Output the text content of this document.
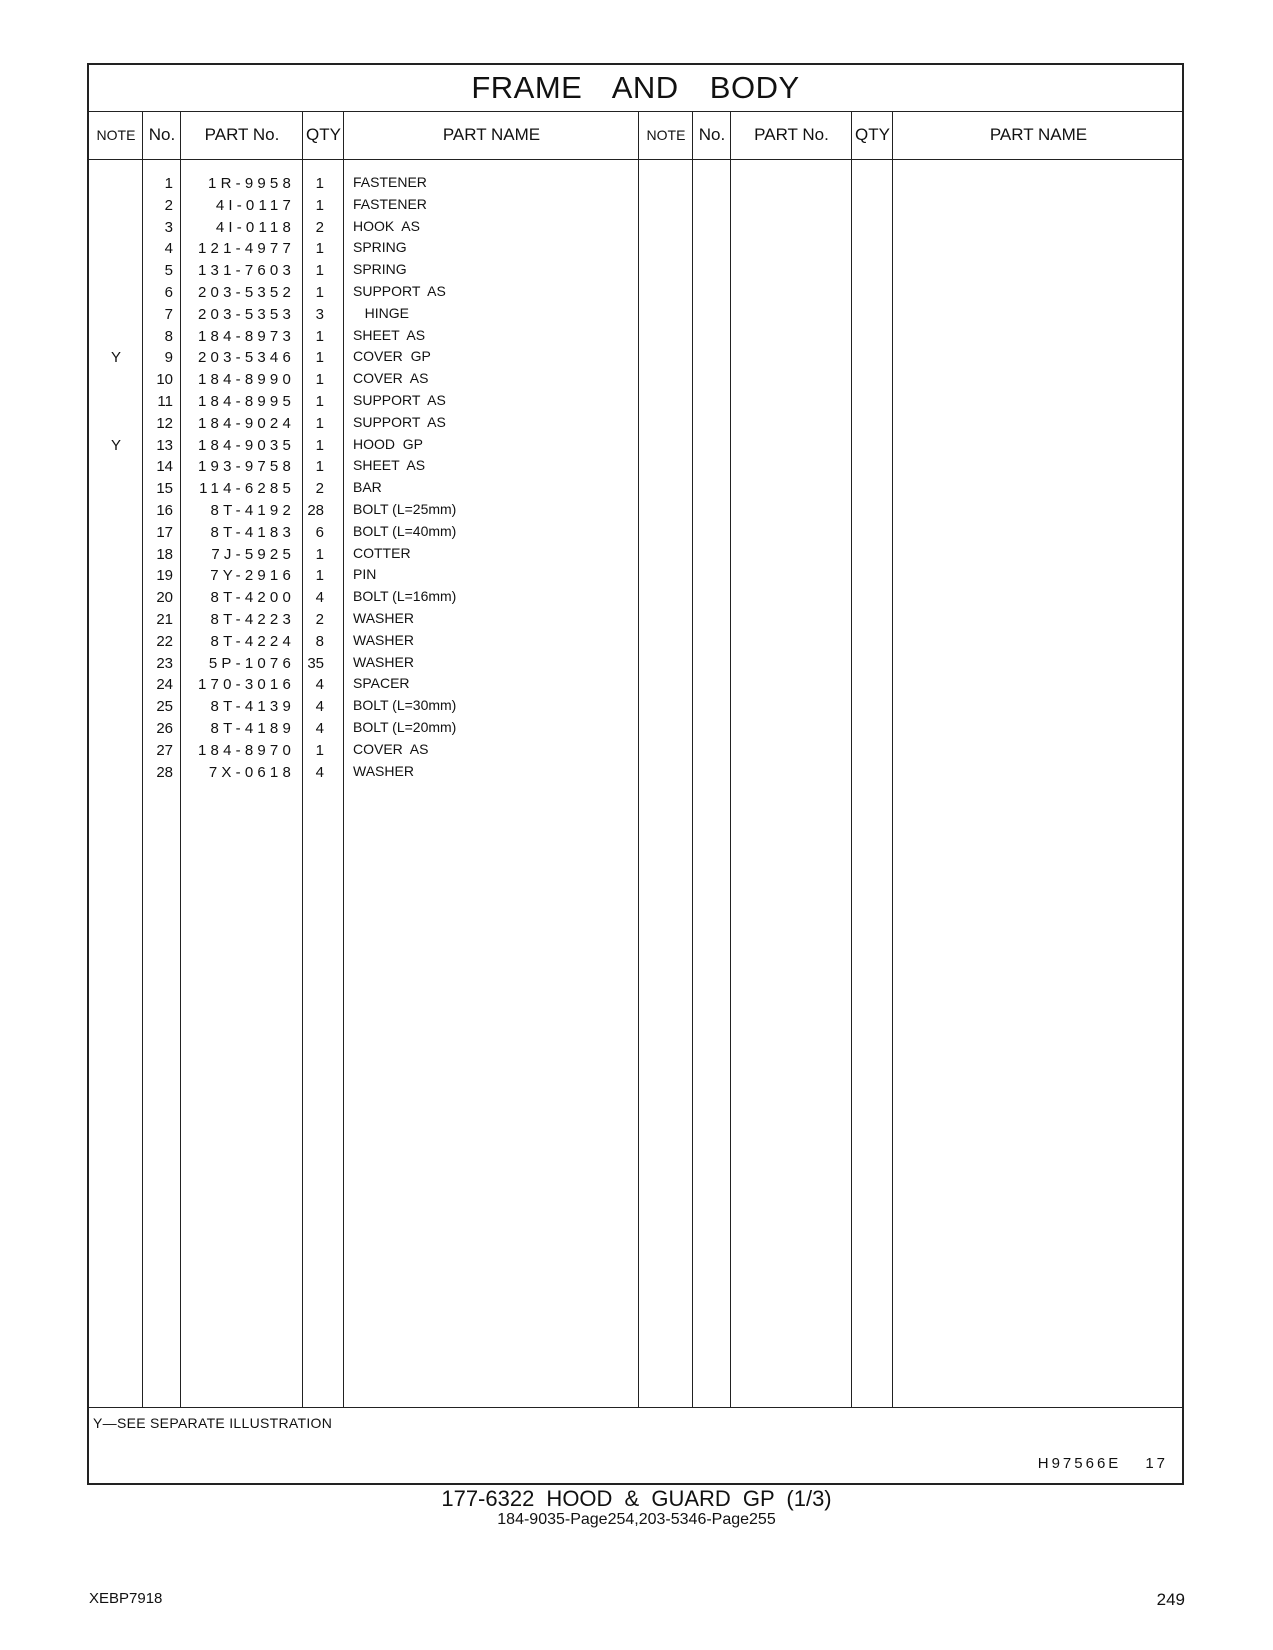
FRAME AND BODY
NOTE No.	PART No.	QTY	PART NAME	NOTE No.	PART No.	QTY	PART NAME
1	1R-9958	1 FASTENER
2	4I-0117	1 FASTENER
3	4I-0118	2 HOOK  AS
4	121-4977	1 SPRING
5	131-7603	1 SPRING
6	203-5352	1 SUPPORT  AS
7	203-5353	3 HINGE
8	184-8973	1 SHEET  AS
Y	9	203-5346	1 COVER  GP
10	184-8990	1 COVER  AS
11	184-8995	1 SUPPORT  AS
12	184-9024	1 SUPPORT  AS
Y	13	184-9035	1 HOOD  GP
14	193-9758	1 SHEET  AS
15	114-6285	2 BAR
16	8T-4192 28 BOLT (L=25mm)
17	8T-4183	6 BOLT (L=40mm)
18	7J-5925	1 COTTER
19	7Y-2916	1 PIN
20	8T-4200	4 BOLT (L=16mm)
21	8T-4223	2 WASHER
22	8T-4224	8 WASHER
23	5P-1076 35 WASHER
24	170-3016	4 SPACER
25	8T-4139	4 BOLT (L=30mm)
26	8T-4189	4 BOLT (L=20mm)
27	184-8970	1 COVER  AS
28	7X-0618	4 WASHER
Y—SEE SEPARATE ILLUSTRATION
H97566E 17
177-6322 HOOD & GUARD GP (1/3)
184-9035-Page254,203-5346-Page255
XEBP7918	249
